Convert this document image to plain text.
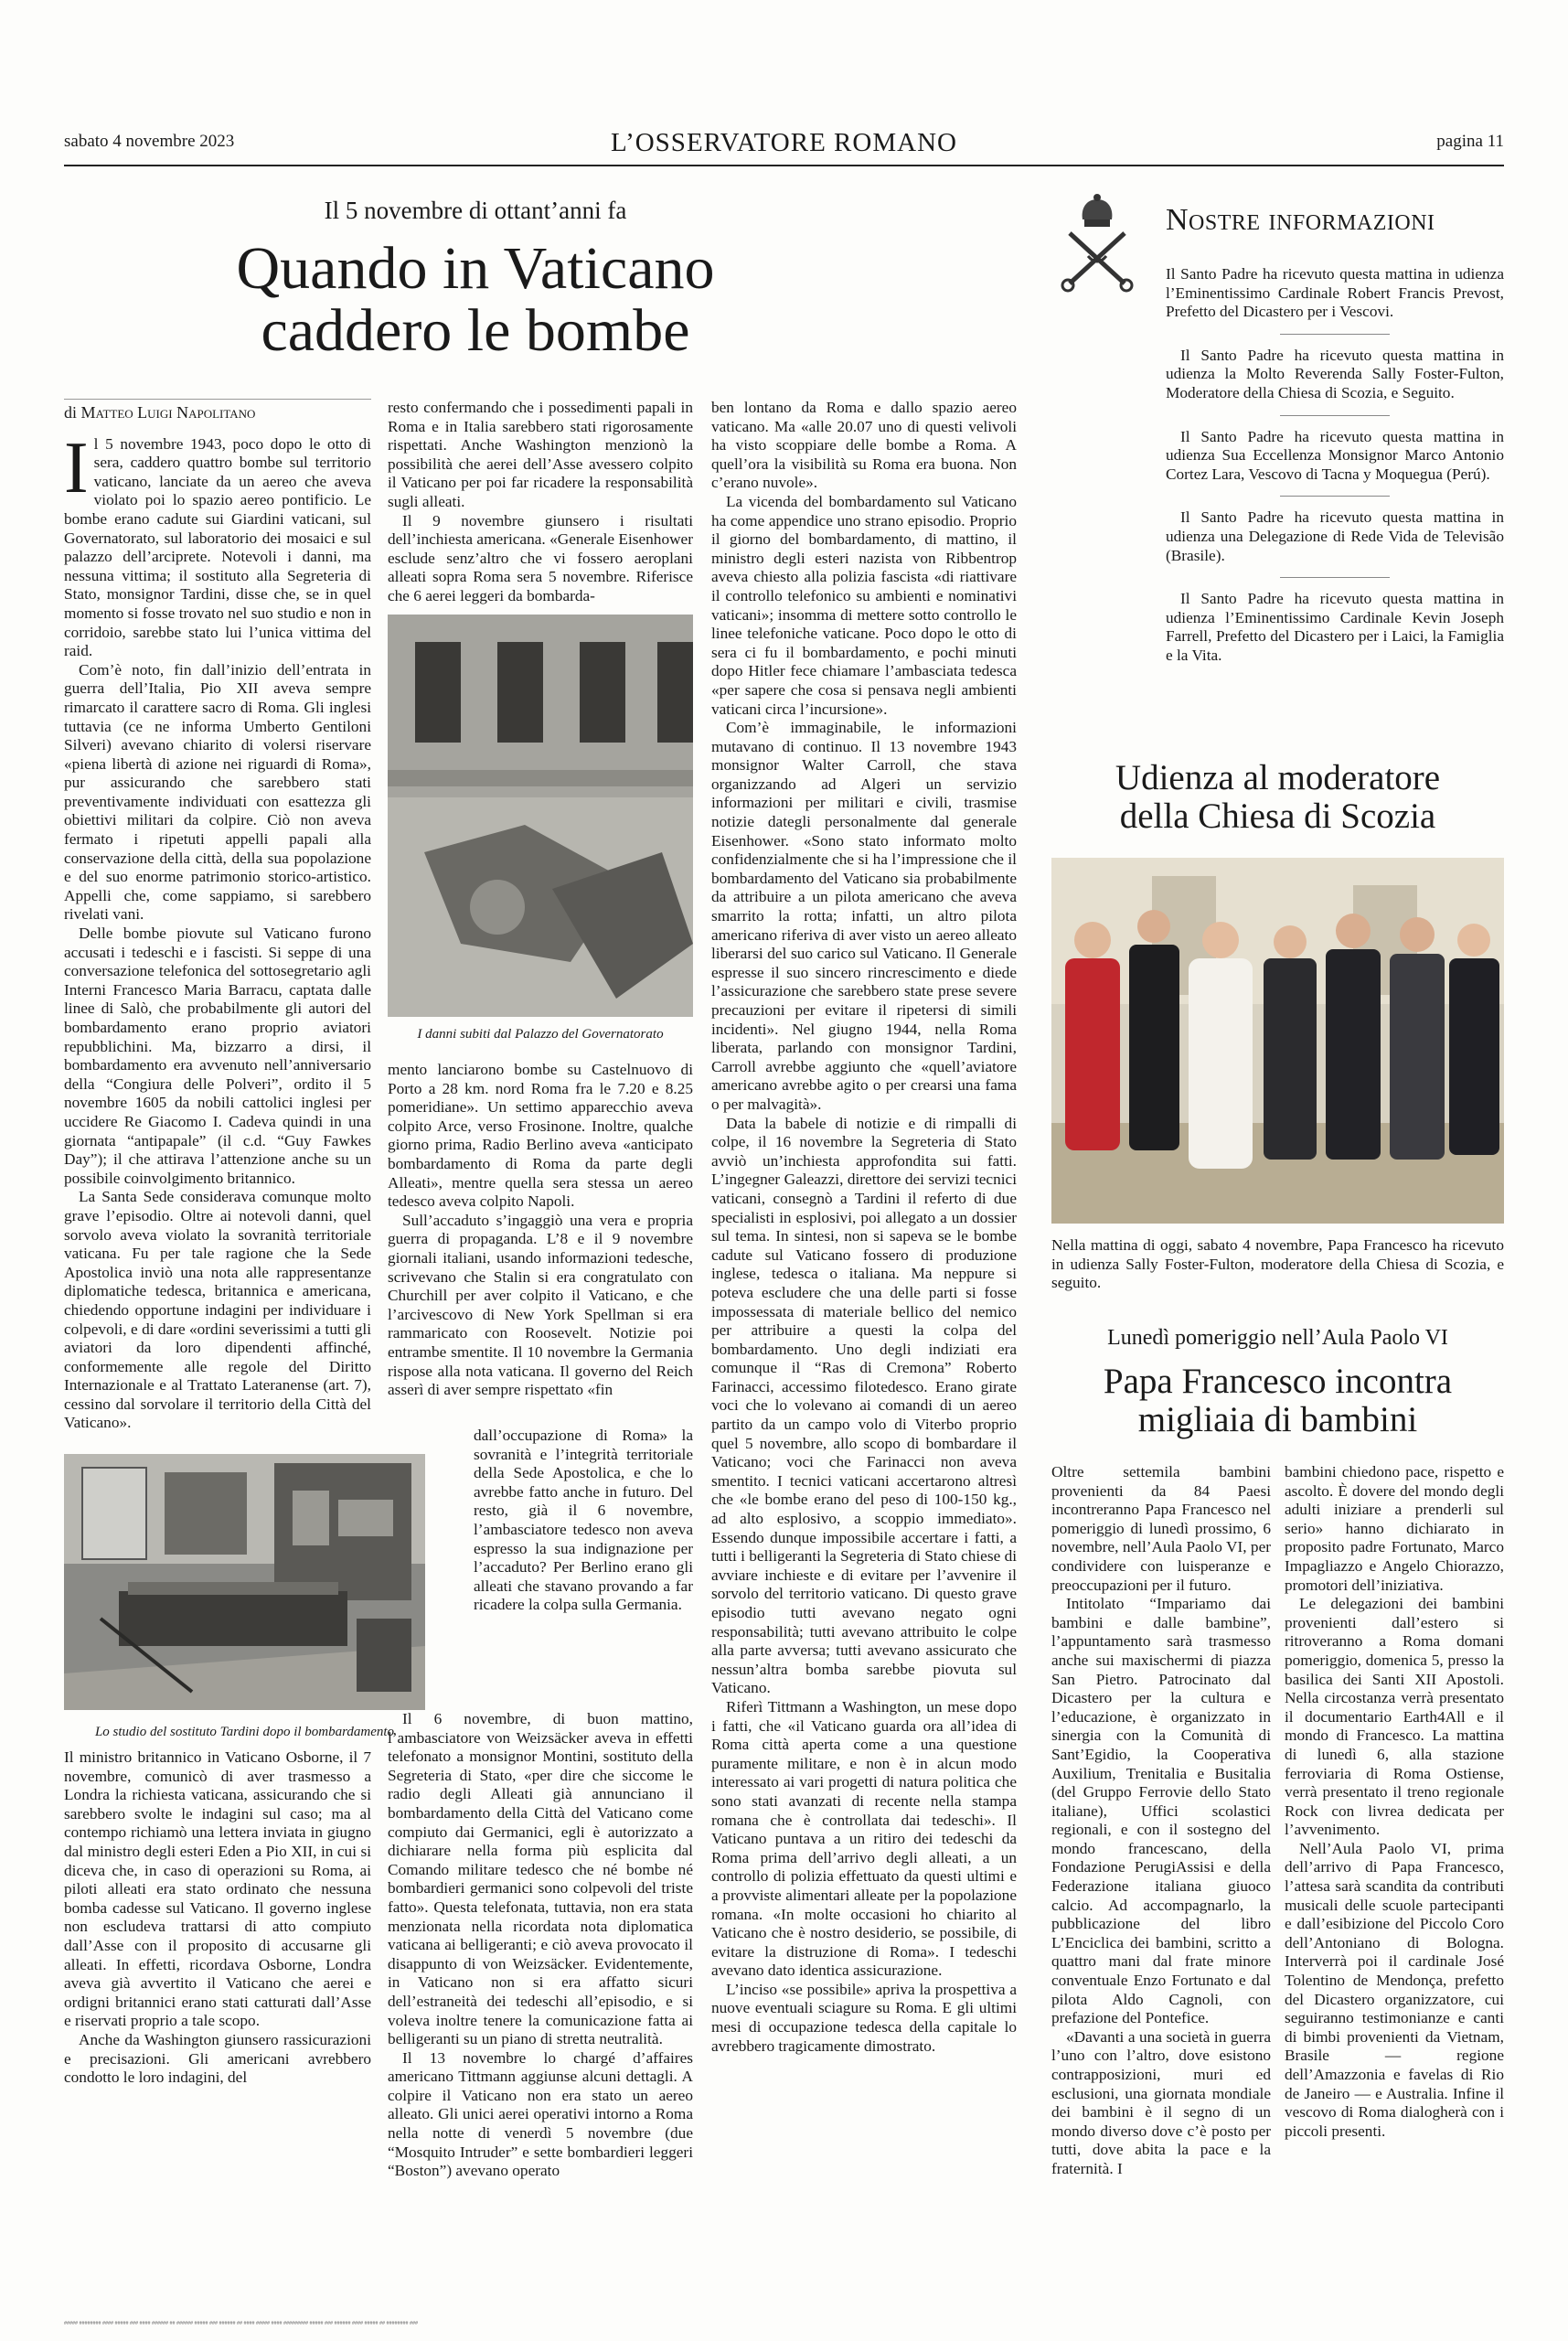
sabato 4 novembre 2023	L’OSSERVATORE ROMANO	pagina 11
Il 5 novembre di ottant’anni fa
Quando in Vaticano
caddero le bombe
di Matteo Luigi Napolitano

Il 5 novembre 1943, poco dopo le otto di sera, caddero quattro bombe sul territorio vaticano, lanciate da un aereo che aveva violato poi lo spazio aereo pontificio. Le bombe erano cadute sui Giardini vaticani, sul Governatorato, sul laboratorio dei mosaici e sul palazzo dell’arciprete. Notevoli i danni, ma nessuna vittima; il sostituto alla Segreteria di Stato, monsignor Tardini, disse che, se in quel momento si fosse trovato nel suo studio e non in corridoio, sarebbe stato lui l’unica vittima del raid.

Com’è noto, fin dall’inizio dell’entrata in guerra dell’Italia, Pio XII aveva sempre rimarcato il carattere sacro di Roma. Gli inglesi tuttavia (ce ne informa Umberto Gentiloni Silveri) avevano chiarito di volersi riservare «piena libertà di azione nei riguardi di Roma», pur assicurando che sarebbero stati preventivamente individuati con esattezza gli obiettivi militari da colpire. Ciò non aveva fermato i ripetuti appelli papali alla conservazione della città, della sua popolazione e del suo enorme patrimonio storico-artistico. Appelli che, come sappiamo, si sarebbero rivelati vani.

Delle bombe piovute sul Vaticano furono accusati i tedeschi e i fascisti. Si seppe di una conversazione telefonica del sottosegretario agli Interni Francesco Maria Barracu, captata dalle linee di Salò, che probabilmente gli autori del bombardamento erano proprio aviatori repubblichini. Ma, bizzarro a dirsi, il bombardamento era avvenuto nell’anniversario della “Congiura delle Polveri”, ordito il 5 novembre 1605 da nobili cattolici inglesi per uccidere Re Giacomo I. Cadeva quindi in una giornata “antipapale” (il c.d. “Guy Fawkes Day”); il che attirava l’attenzione anche su un possibile coinvolgimento britannico.

La Santa Sede considerava comunque molto grave l’episodio. Oltre ai notevoli danni, quel sorvolo aveva violato la sovranità territoriale vaticana. Fu per tale ragione che la Sede Apostolica inviò una nota alle rappresentanze diplomatiche tedesca, britannica e americana, chiedendo opportune indagini per individuare i colpevoli, e di dare «ordini severissimi a tutti gli aviatori da loro dipendenti affinché, conformemente alle regole del Diritto Internazionale e al Trattato Lateranense (art. 7), cessino dal sorvolare il territorio della Città del Vaticano».

Lo studio del sostituto Tardini dopo il bombardamento

Il ministro britannico in Vaticano Osborne, il 7 novembre, comunicò di aver trasmesso a Londra la richiesta vaticana, assicurando che si sarebbero svolte le indagini sul caso; ma al contempo richiamò una lettera inviata in giugno dal ministro degli esteri Eden a Pio XII, in cui si diceva che, in caso di operazioni su Roma, ai piloti alleati era stato ordinato che nessuna bomba cadesse sul Vaticano. Il governo inglese non escludeva trattarsi di atto compiuto dall’Asse con il proposito di accusarne gli alleati. In effetti, ricordava Osborne, Londra aveva già avvertito il Vaticano che aerei e ordigni britannici erano stati catturati dall’Asse e riservati proprio a tale scopo.

Anche da Washington giunsero rassicurazioni e precisazioni. Gli americani avrebbero condotto le loro indagini, del

resto confermando che i possedimenti papali in Roma e in Italia sarebbero stati rigorosamente rispettati. Anche Washington menzionò la possibilità che aerei dell’Asse avessero colpito il Vaticano per poi far ricadere la responsabilità sugli alleati.

Il 9 novembre giunsero i risultati dell’inchiesta americana. «Generale Eisenhower esclude senz’altro che vi fossero aeroplani alleati sopra Roma sera 5 novembre. Riferisce che 6 aerei leggeri da bombarda-

I danni subiti dal Palazzo del Governatorato

mento lanciarono bombe su Castelnuovo di Porto a 28 km. nord Roma fra le 7.20 e 8.25 pomeridiane». Un settimo apparecchio aveva colpito Arce, verso Frosinone. Inoltre, qualche giorno prima, Radio Berlino aveva «anticipato bombardamento di Roma da parte degli Alleati», mentre quella sera stessa un aereo tedesco aveva colpito Napoli.

Sull’accaduto s’ingaggiò una vera e propria guerra di propaganda. L’8 e il 9 novembre giornali italiani, usando informazioni tedesche, scrivevano che Stalin si era congratulato con Churchill per aver colpito il Vaticano, e che l’arcivescovo di New York Spellman si era rammaricato con Roosevelt. Notizie poi entrambe smentite. Il 10 novembre la Germania rispose alla nota vaticana. Il governo del Reich asserì di aver sempre rispettato «fin

dall’occupazione di Roma» la sovranità e l’integrità territoriale della Sede Apostolica, e che lo avrebbe fatto anche in futuro. Del resto, già il 6 novembre, l’ambasciatore tedesco non aveva espresso la sua indignazione per l’accaduto? Per Berlino erano gli alleati che stavano provando a far ricadere la colpa sulla Germania.

Il 6 novembre, di buon mattino, l’ambasciatore von Weizsäcker aveva in effetti telefonato a monsignor Montini, sostituto della Segreteria di Stato, «per dire che siccome le radio degli Alleati già annunciano il bombardamento della Città del Vaticano come compiuto dai Germanici, egli è autorizzato a dichiarare nella forma più esplicita dal Comando militare tedesco che né bombe né bombardieri germanici sono colpevoli del triste fatto». Questa telefonata, tuttavia, non era stata menzionata nella ricordata nota diplomatica vaticana ai belligeranti; e ciò aveva provocato il disappunto di von Weizsäcker. Evidentemente, in Vaticano non si era affatto sicuri dell’estraneità dei tedeschi all’episodio, e si voleva inoltre tenere la comunicazione fatta ai belligeranti su un piano di stretta neutralità.

Il 13 novembre lo chargé d’affaires americano Tittmann aggiunse alcuni dettagli. A colpire il Vaticano non era stato un aereo alleato. Gli unici aerei operativi intorno a Roma nella notte di venerdì 5 novembre (due “Mosquito Intruder” e sette bombardieri leggeri “Boston”) avevano operato

ben lontano da Roma e dallo spazio aereo vaticano. Ma «alle 20.07 uno di questi velivoli ha visto scoppiare delle bombe a Roma. A quell’ora la visibilità su Roma era buona. Non c’erano nuvole».

La vicenda del bombardamento sul Vaticano ha come appendice uno strano episodio. Proprio il giorno del bombardamento, di mattino, il ministro degli esteri nazista von Ribbentrop aveva chiesto alla polizia fascista «di riattivare il controllo telefonico su ambienti e nominativi vaticani»; insomma di mettere sotto controllo le linee telefoniche vaticane. Poco dopo le otto di sera ci fu il bombardamento, e pochi minuti dopo Hitler fece chiamare l’ambasciata tedesca «per sapere che cosa si pensava negli ambienti vaticani circa l’incursione».

Com’è immaginabile, le informazioni mutavano di continuo. Il 13 novembre 1943 monsignor Walter Carroll, che stava organizzando ad Algeri un servizio informazioni per militari e civili, trasmise notizie dategli personalmente dal generale Eisenhower. «Sono stato informato molto confidenzialmente che si ha l’impressione che il bombardamento del Vaticano sia probabilmente da attribuire a un pilota americano che aveva smarrito la rotta; infatti, un altro pilota americano riferiva di aver visto un aereo alleato liberarsi del suo carico sul Vaticano. Il Generale espresse il suo sincero rincrescimento e diede l’assicurazione che sarebbero state prese severe precauzioni per evitare il ripetersi di simili incidenti». Nel giugno 1944, nella Roma liberata, parlando con monsignor Tardini, Carroll avrebbe aggiunto che «quell’aviatore americano avrebbe agito o per crearsi una fama o per malvagità».

Data la babele di notizie e di rimpalli di colpe, il 16 novembre la Segreteria di Stato avviò un’inchiesta approfondita sui fatti. L’ingegner Galeazzi, direttore dei servizi tecnici vaticani, consegnò a Tardini il referto di due specialisti in esplosivi, poi allegato a un dossier sul tema. In sintesi, non si sapeva se le bombe cadute sul Vaticano fossero di produzione inglese, tedesca o italiana. Ma neppure si poteva escludere che una delle parti si fosse impossessata di materiale bellico del nemico per attribuire a questi la colpa del bombardamento. Uno degli indiziati era comunque il “Ras di Cremona” Roberto Farinacci, accessimo filotedesco. Erano girate voci che lo volevano ai comandi di un aereo partito da un campo volo di Viterbo proprio quel 5 novembre, allo scopo di bombardare il Vaticano; voci che Farinacci non aveva smentito. I tecnici vaticani accertarono altresì che «le bombe erano del peso di 100-150 kg., ad alto esplosivo, a scoppio immediato». Essendo dunque impossibile accertare i fatti, a tutti i belligeranti la Segreteria di Stato chiese di avviare inchieste e di evitare per l’avvenire il sorvolo del territorio vaticano. Di questo grave episodio tutti avevano negato ogni responsabilità; tutti avevano attribuito le colpe alla parte avversa; tutti avevano assicurato che nessun’altra bomba sarebbe piovuta sul Vaticano.

Riferì Tittmann a Washington, un mese dopo i fatti, che «il Vaticano guarda ora all’idea di Roma città aperta come a una questione puramente militare, e non è in alcun modo interessato ai vari progetti di natura politica che sono stati avanzati di recente nella stampa romana che è controllata dai tedeschi». Il Vaticano puntava a un ritiro dei tedeschi da Roma prima dell’arrivo degli alleati, a un controllo di polizia effettuato da questi ultimi e a provviste alimentari alleate per la popolazione romana. «In molte occasioni ho chiarito al Vaticano che è nostro desiderio, se possibile, di evitare la distruzione di Roma». I tedeschi avevano dato identica assicurazione.

L’inciso «se possibile» apriva la prospettiva a nuove eventuali sciagure su Roma. E gli ultimi mesi di occupazione tedesca della capitale lo avrebbero tragicamente dimostrato.

Nostre informazioni

Il Santo Padre ha ricevuto questa mattina in udienza l’Eminentissimo Cardinale Robert Francis Prevost, Prefetto del Dicastero per i Vescovi.

Il Santo Padre ha ricevuto questa mattina in udienza la Molto Reverenda Sally Foster-Fulton, Moderatore della Chiesa di Scozia, e Seguito.

Il Santo Padre ha ricevuto questa mattina in udienza Sua Eccellenza Monsignor Marco Antonio Cortez Lara, Vescovo di Tacna y Moquegua (Perú).

Il Santo Padre ha ricevuto questa mattina in udienza una Delegazione di Rede Vida de Televisão (Brasile).

Il Santo Padre ha ricevuto questa mattina in udienza l’Eminentissimo Cardinale Kevin Joseph Farrell, Prefetto del Dicastero per i Laici, la Famiglia e la Vita.

Udienza al moderatore
della Chiesa di Scozia
Nella mattina di oggi, sabato 4 novembre, Papa Francesco ha ricevuto in udienza Sally Foster-Fulton, moderatore della Chiesa di Scozia, e seguito.
Lunedì pomeriggio nell’Aula Paolo VI
Papa Francesco incontra
migliaia di bambini

Oltre settemila bambini provenienti da 84 Paesi incontreranno Papa Francesco nel pomeriggio di lunedì prossimo, 6 novembre, nell’Aula Paolo VI, per condividere con luisperanze e preoccupazioni per il futuro.

Intitolato “Impariamo dai bambini e dalle bambine”, l’appuntamento sarà trasmesso anche sui maxischermi di piazza San Pietro. Patrocinato dal Dicastero per la cultura e l’educazione, è organizzato in sinergia con la Comunità di Sant’Egidio, la Cooperativa Auxilium, Trenitalia e Busitalia (del Gruppo Ferrovie dello Stato italiane), Uffici scolastici regionali, e con il sostegno del mondo francescano, della Fondazione PerugiAssisi e della Federazione italiana giuoco calcio. Ad accompagnarlo, la pubblicazione del libro L’Enciclica dei bambini, scritto a quattro mani dal frate minore conventuale Enzo Fortunato e dal pilota Aldo Cagnoli, con prefazione del Pontefice.

«Davanti a una società in guerra l’uno con l’altro, dove esistono contrapposizioni, muri ed esclusioni, una giornata mondiale dei bambini è il segno di un mondo diverso dove c’è posto per tutti, dove abita la pace e la fraternità. I

bambini chiedono pace, rispetto e ascolto. È dovere del mondo degli adulti iniziare a prenderli sul serio» hanno dichiarato in proposito padre Fortunato, Marco Impagliazzo e Angelo Chiorazzo, promotori dell’iniziativa.

Le delegazioni dei bambini provenienti dall’estero si ritroveranno a Roma domani pomeriggio, domenica 5, presso la basilica dei Santi XII Apostoli. Nella circostanza verrà presentato il documentario Earth4All e il mondo di Francesco. La mattina di lunedì 6, alla stazione ferroviaria di Roma Ostiense, verrà presentato il treno regionale Rock con livrea dedicata per l’avvenimento.

Nell’Aula Paolo VI, prima dell’arrivo di Papa Francesco, l’attesa sarà scandita da contributi musicali delle scuole partecipanti e dall’esibizione del Piccolo Coro dell’Antoniano di Bologna. Interverrà poi il cardinale José Tolentino de Mendonça, prefetto del Dicastero organizzatore, cui seguiranno testimonianze e canti di bimbi provenienti da Vietnam, Brasile — regione dell’Amazzonia e favelas di Rio de Janeiro — e Australia. Infine il vescovo di Roma dialogherà con i piccoli presenti.

##### ######## #### ##### ### #### ###### ## ###### ##### ### ###### ## #### ##### #### ######### ##### ### ###### #### ##### ## ######## ###
